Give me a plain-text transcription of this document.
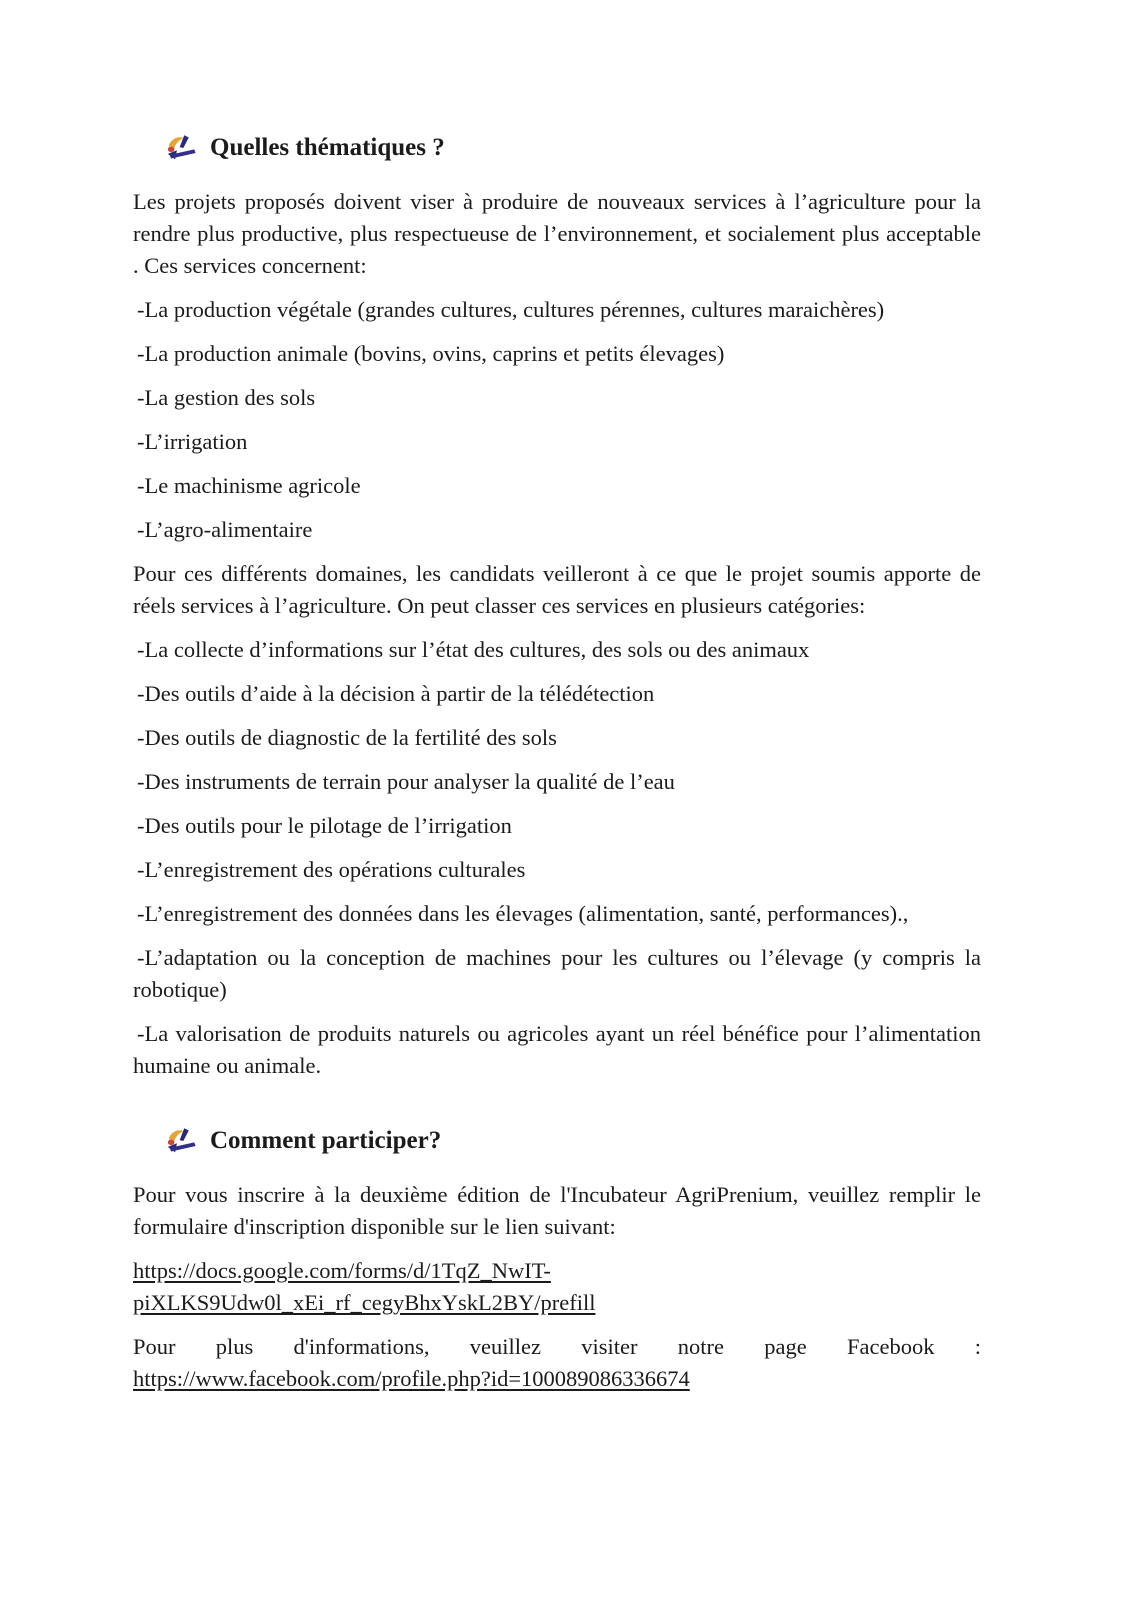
Quelles thématiques ?

Les projets proposés doivent viser à produire de nouveaux services à l’agriculture pour la rendre plus productive, plus respectueuse de l’environnement, et socialement plus acceptable . Ces services concernent:

-La production végétale (grandes cultures, cultures pérennes, cultures maraichères)
-La production animale (bovins, ovins, caprins et petits élevages)
-La gestion des sols
-L’irrigation
-Le machinisme agricole
-L’agro-alimentaire

Pour ces différents domaines, les candidats veilleront à ce que le projet soumis apporte de réels services à l’agriculture. On peut classer ces services en plusieurs catégories:

-La collecte d’informations sur l’état des cultures, des sols ou des animaux
-Des outils d’aide à la décision à partir de la télédétection
-Des outils de diagnostic de la fertilité des sols
-Des instruments de terrain pour analyser la qualité de l’eau
-Des outils pour le pilotage de l’irrigation
-L’enregistrement des opérations culturales
-L’enregistrement des données dans les élevages (alimentation, santé, performances).,
-L’adaptation ou la conception de machines pour les cultures ou l’élevage (y compris la robotique)
-La valorisation de produits naturels ou agricoles ayant un réel bénéfice pour l’alimentation humaine ou animale.
Comment participer?

Pour vous inscrire à la deuxième édition de l'Incubateur AgriPrenium, veuillez remplir le formulaire d'inscription disponible sur le lien suivant:

https://docs.google.com/forms/d/1TqZ_NwIT-piXLKS9Udw0l_xEi_rf_cegyBhxYskL2BY/prefill
Pour plus d'informations, veuillez visiter notre page Facebook :
https://www.facebook.com/profile.php?id=100089086336674
